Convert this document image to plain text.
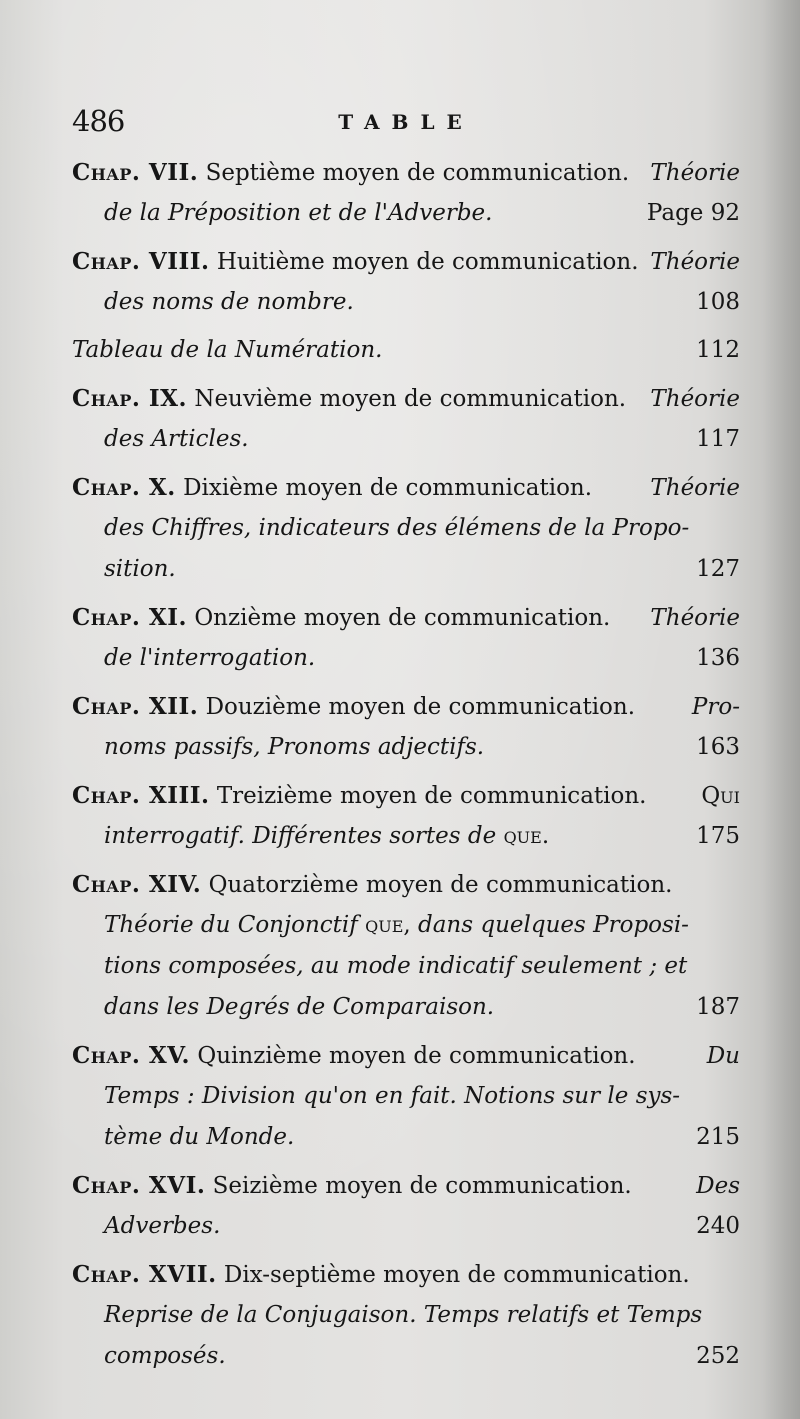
486	TABLE
Chap. VII. Septième moyen de communication. Théorie
de la Préposition et de l'Adverbe.	Page 92
Chap. VIII. Huitième moyen de communication. Théorie
des noms de nombre.	108
Tableau de la Numération.	112
Chap. IX. Neuvième moyen de communication. Théorie
des Articles.	117
Chap. X. Dixième moyen de communication.	Théorie
des Chiffres, indicateurs des élémens de la Propo-
sition.	127
Chap. XI. Onzième moyen de communication. Théorie
de l'interrogation.	136
Chap. XII. Douzième moyen de communication. Pro-
noms passifs, Pronoms adjectifs.	163
Chap. XIII. Treizième moyen de communication. Qui
interrogatif. Différentes sortes de que.	175
Chap. XIV. Quatorzième moyen de communication.
Théorie du Conjonctif que, dans quelques Proposi-
tions composées, au mode indicatif seulement ; et
dans les Degrés de Comparaison.	187
Chap. XV. Quinzième moyen de communication.	Du
Temps : Division qu'on en fait. Notions sur le sys-
tème du Monde.	215
Chap. XVI. Seizième moyen de communication.	Des
Adverbes.	240
Chap. XVII. Dix-septième moyen de communication.
Reprise de la Conjugaison. Temps relatifs et Temps
composés.	252
